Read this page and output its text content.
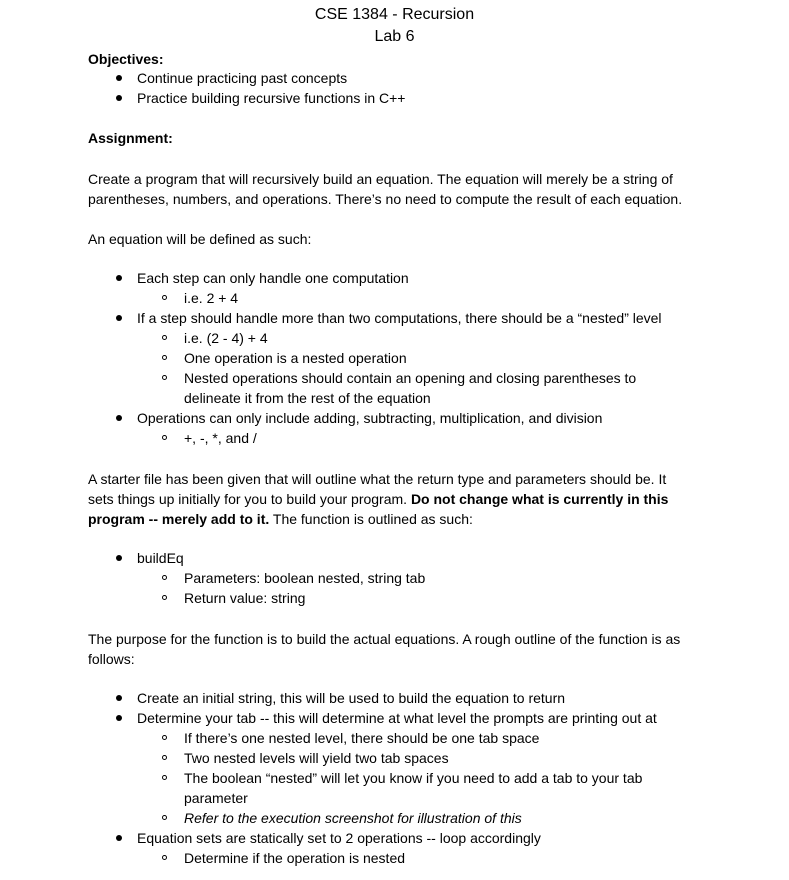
CSE 1384 - Recursion
Lab 6
Objectives:
Continue practicing past concepts
Practice building recursive functions in C++
Assignment:
Create a program that will recursively build an equation. The equation will merely be a string of
parentheses, numbers, and operations. There’s no need to compute the result of each equation.
An equation will be defined as such:
Each step can only handle one computation
i.e. 2 + 4
If a step should handle more than two computations, there should be a “nested” level
i.e. (2 - 4) + 4
One operation is a nested operation
Nested operations should contain an opening and closing parentheses to
delineate it from the rest of the equation
Operations can only include adding, subtracting, multiplication, and division
+, -, *, and /
A starter file has been given that will outline what the return type and parameters should be. It
sets things up initially for you to build your program. Do not change what is currently in this
program -- merely add to it. The function is outlined as such:
buildEq
Parameters: boolean nested, string tab
Return value: string
The purpose for the function is to build the actual equations. A rough outline of the function is as
follows:
Create an initial string, this will be used to build the equation to return
Determine your tab -- this will determine at what level the prompts are printing out at
If there’s one nested level, there should be one tab space
Two nested levels will yield two tab spaces
The boolean “nested” will let you know if you need to add a tab to your tab
parameter
Refer to the execution screenshot for illustration of this
Equation sets are statically set to 2 operations -- loop accordingly
Determine if the operation is nested
